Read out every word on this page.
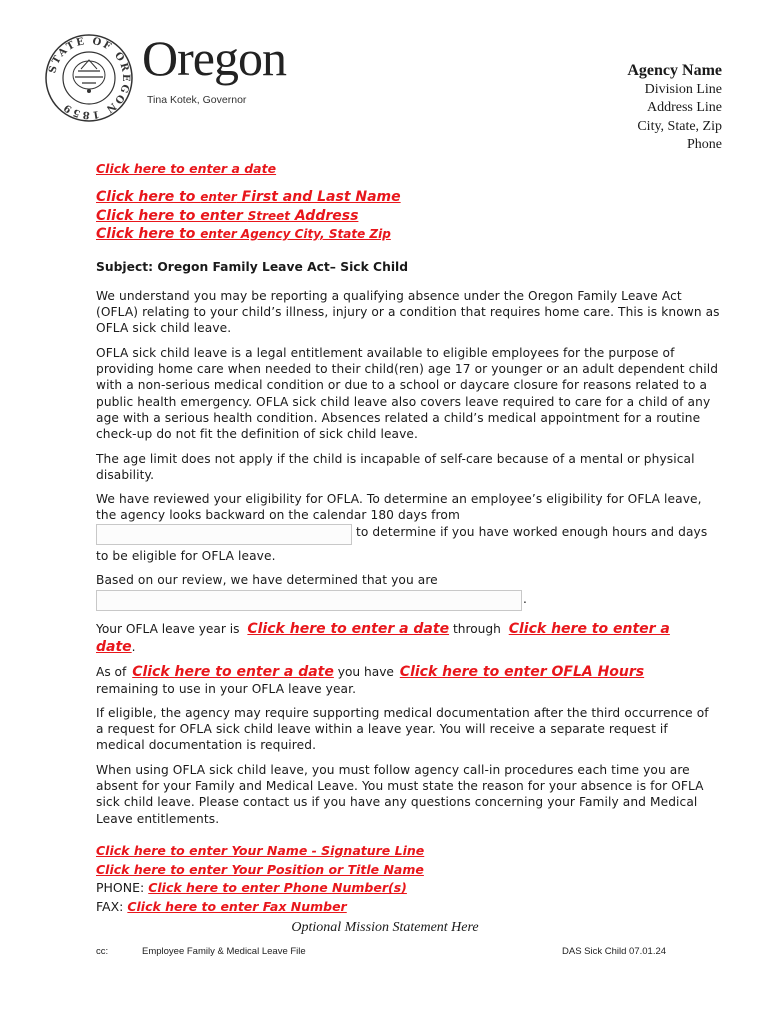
STATE OF OREGON 1859
Oregon
Tina Kotek, Governor
Agency Name
Division Line
Address Line
City, State, Zip
Phone
Click here to enter a date
Click here to enter First and Last Name
Click here to enter Street Address
Click here to enter Agency City, State Zip
Subject: Oregon Family Leave Act– Sick Child
We understand you may be reporting a qualifying absence under the Oregon Family Leave Act (OFLA) relating to your child’s illness, injury or a condition that requires home care. This is known as OFLA sick child leave.
OFLA sick child leave is a legal entitlement available to eligible employees for the purpose of providing home care when needed to their child(ren) age 17 or younger or an adult dependent child with a non-serious medical condition or due to a school or daycare closure for reasons related to a public health emergency. OFLA sick child leave also covers leave required to care for a child of any age with a serious health condition. Absences related a child’s medical appointment for a routine check-up do not fit the definition of sick child leave.
The age limit does not apply if the child is incapable of self-care because of a mental or physical disability.
We have reviewed your eligibility for OFLA. To determine an employee’s eligibility for OFLA leave, the agency looks backward on the calendar 180 days from
to determine if you have worked enough hours and days
to be eligible for OFLA leave.
Based on our review, we have determined that you are
.
Your OFLA leave year is Click here to enter a date through Click here to enter a
date.
As of Click here to enter a date you have Click here to enter OFLA Hours
remaining to use in your OFLA leave year.
If eligible, the agency may require supporting medical documentation after the third occurrence of a request for OFLA sick child leave within a leave year. You will receive a separate request if medical documentation is required.
When using OFLA sick child leave, you must follow agency call-in procedures each time you are absent for your Family and Medical Leave. You must state the reason for your absence is for OFLA sick child leave. Please contact us if you have any questions concerning your Family and Medical Leave entitlements.
Click here to enter Your Name - Signature Line
Click here to enter Your Position or Title Name
PHONE: Click here to enter Phone Number(s)
FAX: Click here to enter Fax Number
Optional Mission Statement Here
cc:	Employee Family & Medical Leave File	DAS Sick Child 07.01.24
